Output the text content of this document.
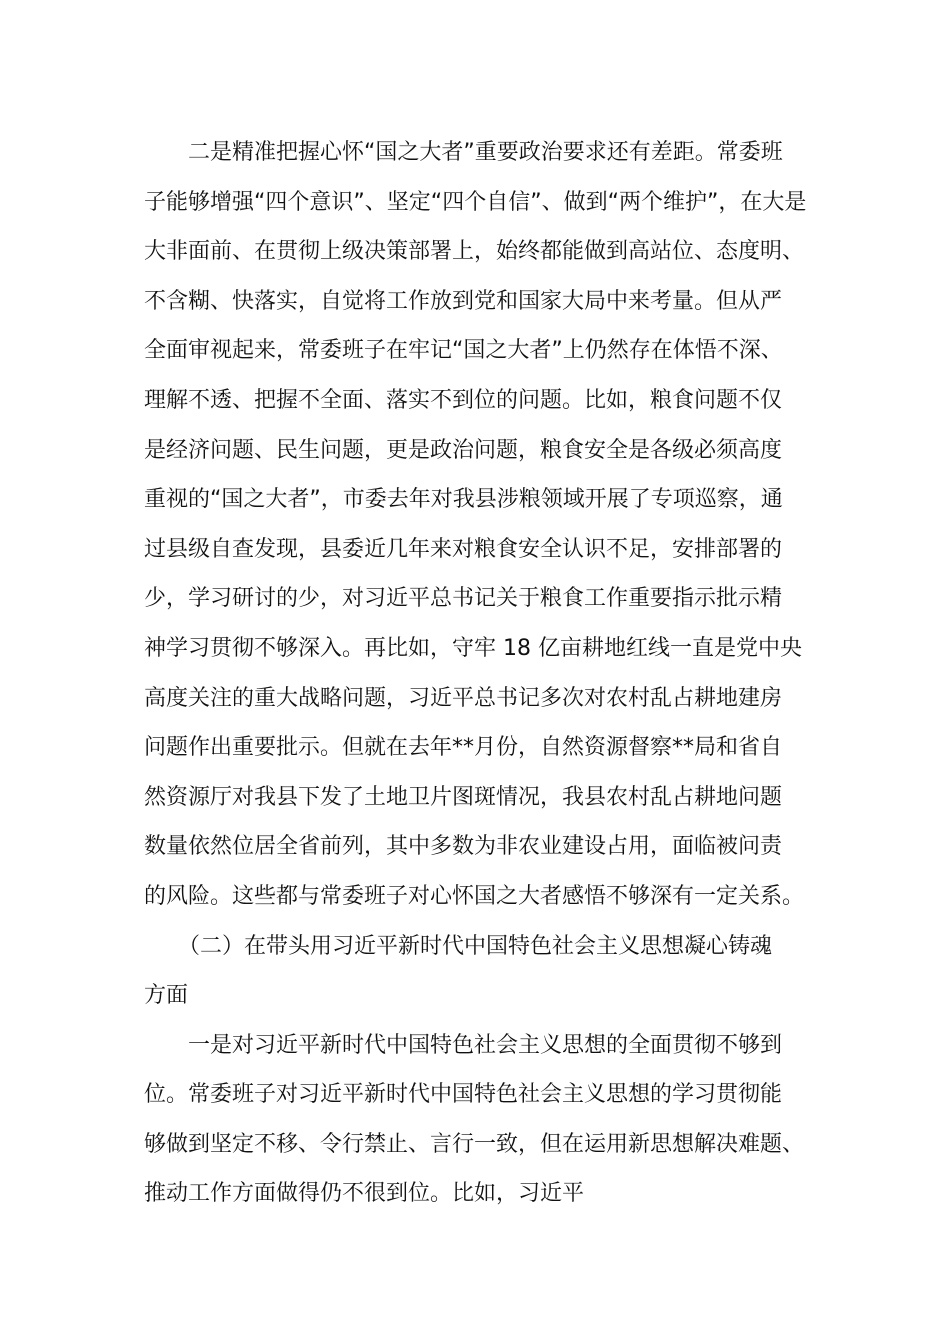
二是精准把握心怀“国之大者”重要政治要求还有差距。常委班
子能够增强“四个意识”、坚定“四个自信”、做到“两个维护”，在大是
大非面前、在贯彻上级决策部署上，始终都能做到高站位、态度明、
不含糊、快落实，自觉将工作放到党和国家大局中来考量。但从严
全面审视起来，常委班子在牢记“国之大者”上仍然存在体悟不深、
理解不透、把握不全面、落实不到位的问题。比如，粮食问题不仅
是经济问题、民生问题，更是政治问题，粮食安全是各级必须高度
重视的“国之大者”，市委去年对我县涉粮领域开展了专项巡察，通
过县级自查发现，县委近几年来对粮食安全认识不足，安排部署的
少，学习研讨的少，对习近平总书记关于粮食工作重要指示批示精
神学习贯彻不够深入。再比如，守牢 18 亿亩耕地红线一直是党中央
高度关注的重大战略问题，习近平总书记多次对农村乱占耕地建房
问题作出重要批示。但就在去年**月份，自然资源督察**局和省自
然资源厅对我县下发了土地卫片图斑情况，我县农村乱占耕地问题
数量依然位居全省前列，其中多数为非农业建设占用，面临被问责
的风险。这些都与常委班子对心怀国之大者感悟不够深有一定关系。
（二）在带头用习近平新时代中国特色社会主义思想凝心铸魂
方面
一是对习近平新时代中国特色社会主义思想的全面贯彻不够到
位。常委班子对习近平新时代中国特色社会主义思想的学习贯彻能
够做到坚定不移、令行禁止、言行一致，但在运用新思想解决难题、
推动工作方面做得仍不很到位。比如，习近平
